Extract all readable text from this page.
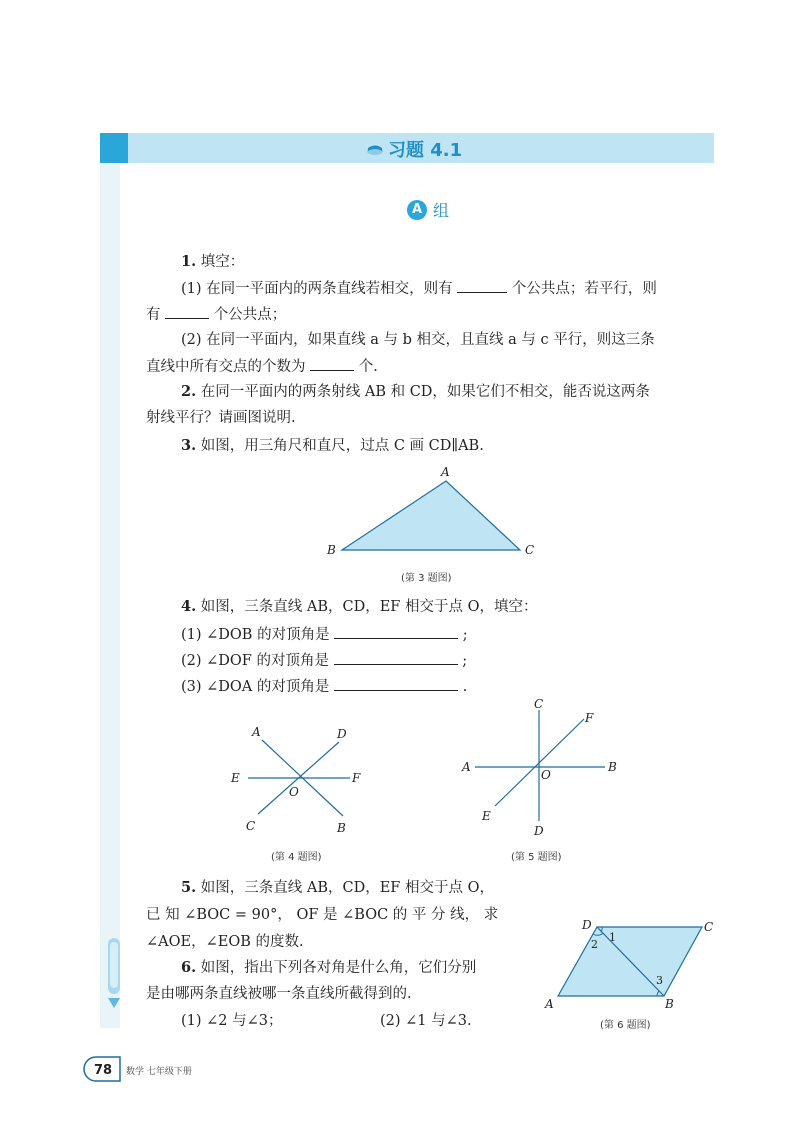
习题 4.1
A 组
1. 填空：
(1) 在同一平面内的两条直线若相交，则有	个公共点；若平行，则
有	个公共点；
(2) 在同一平面内，如果直线 a 与 b 相交，且直线 a 与 c 平行，则这三条
直线中所有交点的个数为	个.
2. 在同一平面内的两条射线 AB 和 CD，如果它们不相交，能否说这两条
射线平行？请画图说明.
3. 如图，用三角尺和直尺，过点 C 画 CD∥AB.
A
B	C
(第 3 题图)
4. 如图，三条直线 AB，CD，EF 相交于点 O，填空：
(1) ∠DOB 的对顶角是	;
(2) ∠DOF 的对顶角是	;
(3) ∠DOA 的对顶角是	.
A	D
E	F
O
C	B
(第 4 题图)
C
F
A
O
B
E
D
(第 5 题图)
5. 如图，三条直线 AB，CD，EF 相交于点 O，
已 知 ∠BOC = 90°， OF 是 ∠BOC 的 平 分 线， 求
∠AOE，∠EOB 的度数.
6. 如图，指出下列各对角是什么角，它们分别
是由哪两条直线被哪一条直线所截得到的.
(1) ∠2 与∠3；	(2) ∠1 与∠3.
D	C
A	B
1
2
3
(第 6 题图)
78 数学 七年级下册
